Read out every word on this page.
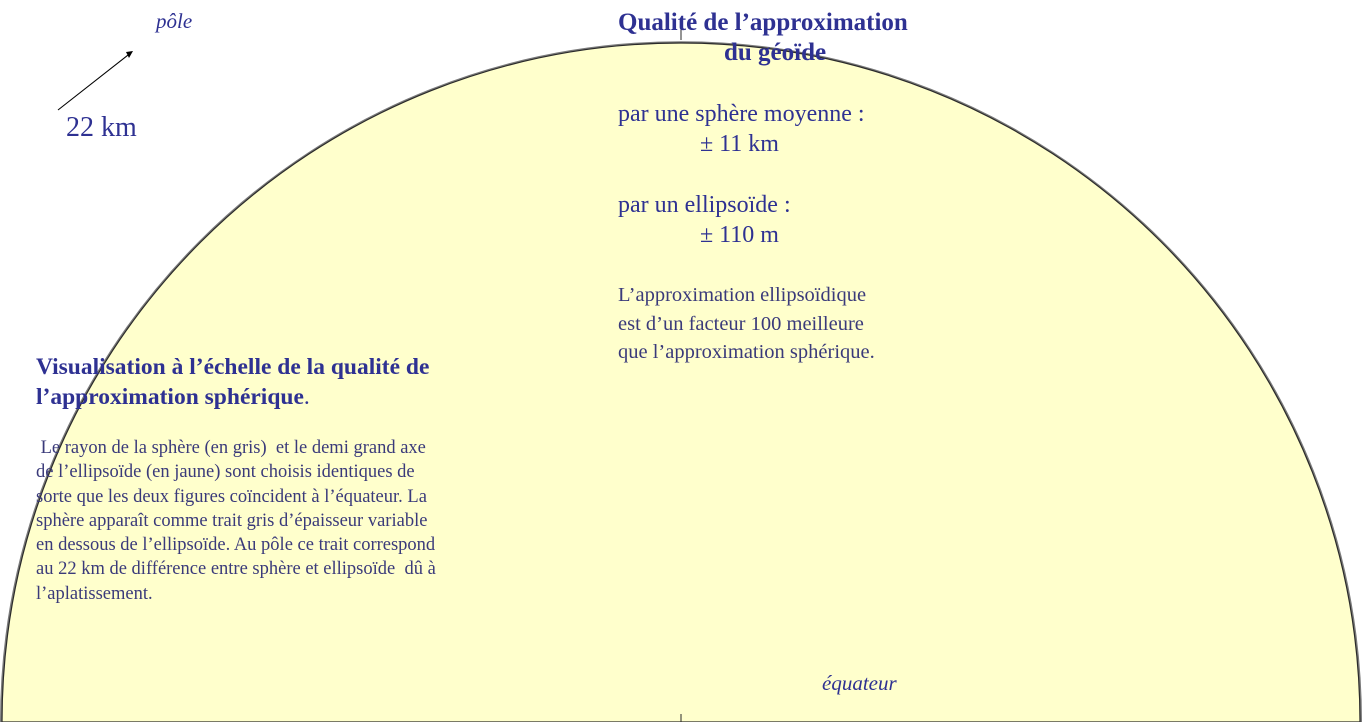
pôle

22 km

Qualité de l’approximation
du géoïde

par une sphère moyenne :

± 11 km

par un ellipsoïde :

± 110 m

L’approximation ellipsoïdique
est d’un facteur 100 meilleure
que l’approximation sphérique.
Visualisation à l’échelle de la qualité de
l’approximation sphérique.
Le rayon de la sphère (en gris)  et le demi grand axe
de l’ellipsoïde (en jaune) sont choisis identiques de
sorte que les deux figures coïncident à l’équateur. La
sphère apparaît comme trait gris d’épaisseur variable
en dessous de l’ellipsoïde. Au pôle ce trait correspond
au 22 km de différence entre sphère et ellipsoïde  dû à
l’aplatissement.

équateur
